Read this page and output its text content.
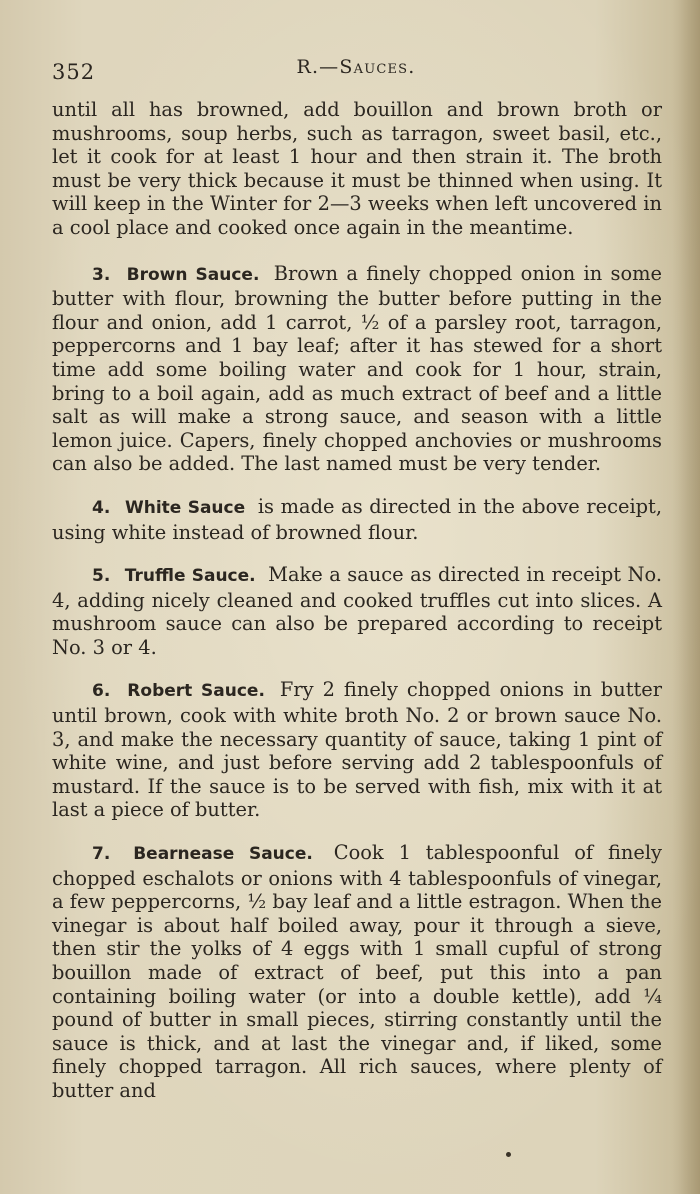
352	R.—Sauces.

until all has browned, add bouillon and brown broth or mushrooms, soup herbs, such as tarragon, sweet basil, etc., let it cook for at least 1 hour and then strain it. The broth must be very thick because it must be thinned when using. It will keep in the Winter for 2—3 weeks when left uncovered in a cool place and cooked once again in the meantime.

3. Brown Sauce. Brown a finely chopped onion in some butter with flour, browning the butter before putting in the flour and onion, add 1 carrot, ½ of a parsley root, tarragon, peppercorns and 1 bay leaf; after it has stewed for a short time add some boiling water and cook for 1 hour, strain, bring to a boil again, add as much extract of beef and a little salt as will make a strong sauce, and season with a little lemon juice. Capers, finely chopped anchovies or mushrooms can also be added. The last named must be very tender.

4. White Sauce is made as directed in the above receipt, using white instead of browned flour.

5. Truffle Sauce. Make a sauce as directed in receipt No. 4, adding nicely cleaned and cooked truffles cut into slices. A mushroom sauce can also be prepared according to receipt No. 3 or 4.

6. Robert Sauce. Fry 2 finely chopped onions in butter until brown, cook with white broth No. 2 or brown sauce No. 3, and make the necessary quantity of sauce, taking 1 pint of white wine, and just before serving add 2 tablespoonfuls of mustard. If the sauce is to be served with fish, mix with it at last a piece of butter.

7. Bearnease Sauce. Cook 1 tablespoonful of finely chopped eschalots or onions with 4 tablespoonfuls of vinegar, a few peppercorns, ½ bay leaf and a little estragon. When the vinegar is about half boiled away, pour it through a sieve, then stir the yolks of 4 eggs with 1 small cupful of strong bouillon made of extract of beef, put this into a pan containing boiling water (or into a double kettle), add ¼ pound of butter in small pieces, stirring constantly until the sauce is thick, and at last the vinegar and, if liked, some finely chopped tarragon. All rich sauces, where plenty of butter and
